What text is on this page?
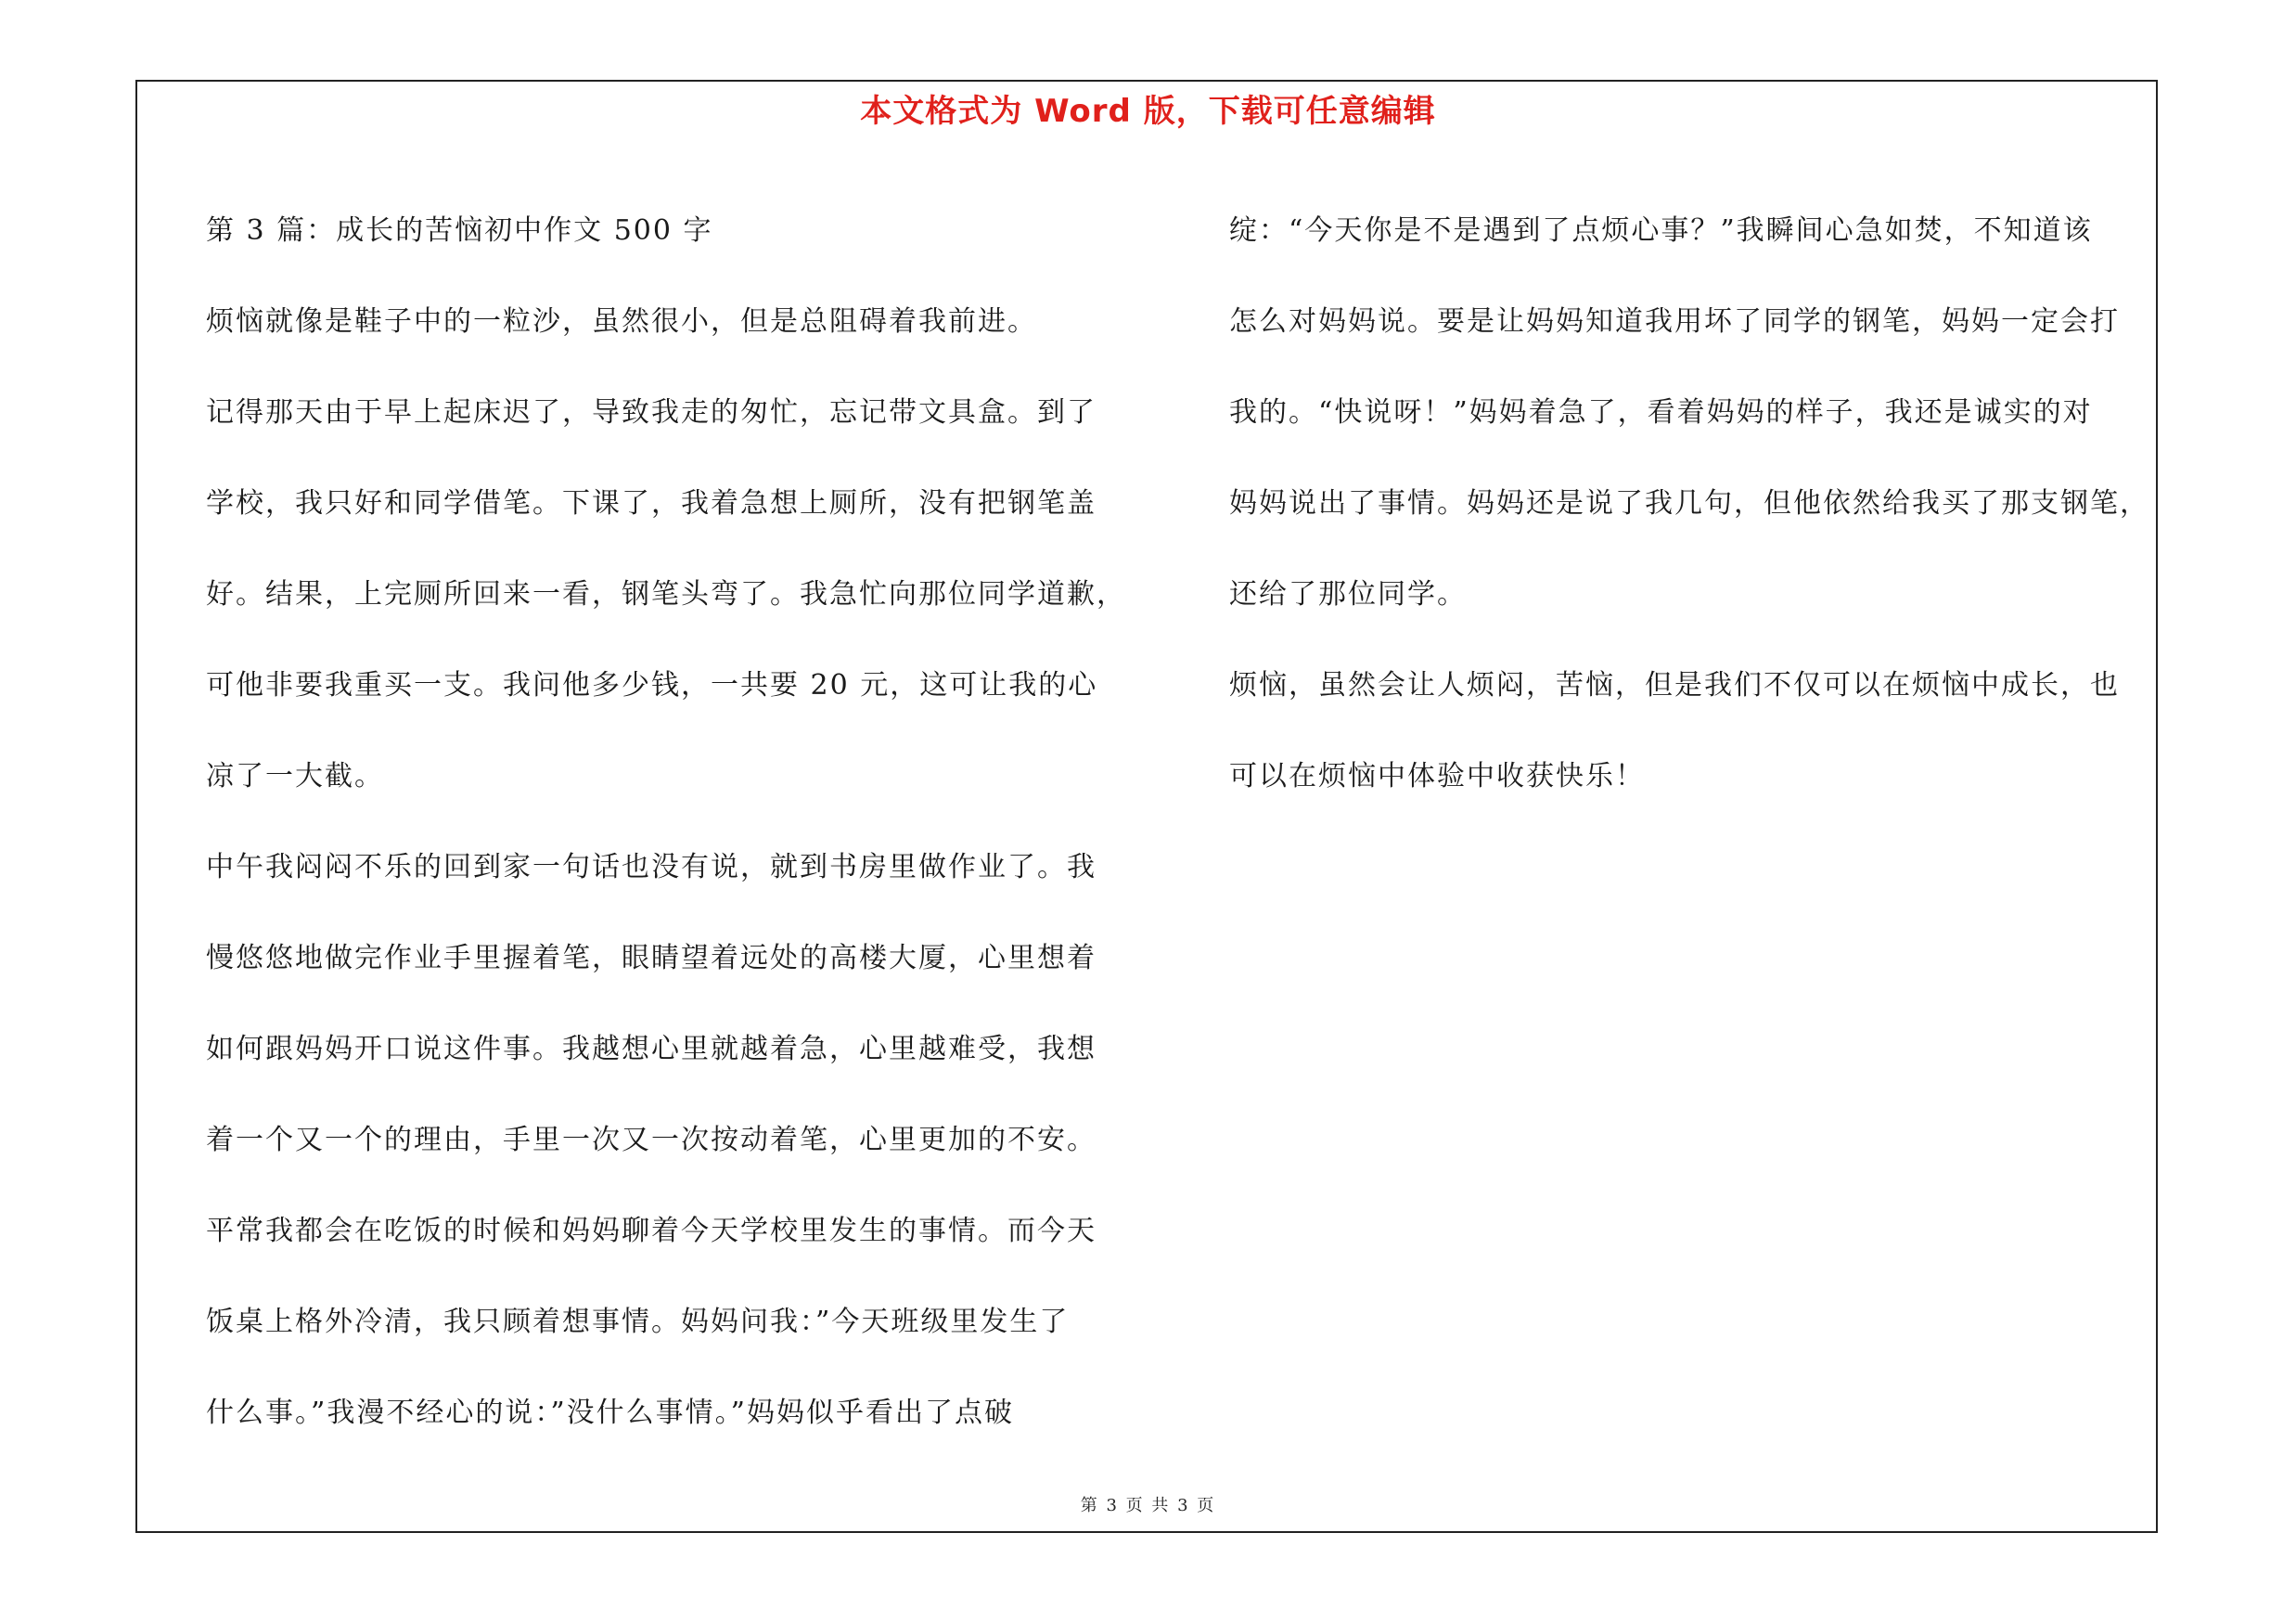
本文格式为 Word 版，下载可任意编辑
第 3 篇：成长的苦恼初中作文 500 字
烦恼就像是鞋子中的一粒沙，虽然很小，但是总阻碍着我前进。
记得那天由于早上起床迟了，导致我走的匆忙，忘记带文具盒。到了
学校，我只好和同学借笔。下课了，我着急想上厕所，没有把钢笔盖
好。结果，上完厕所回来一看，钢笔头弯了。我急忙向那位同学道歉，
可他非要我重买一支。我问他多少钱，一共要 20 元，这可让我的心
凉了一大截。
中午我闷闷不乐的回到家一句话也没有说，就到书房里做作业了。我
慢悠悠地做完作业手里握着笔，眼睛望着远处的高楼大厦，心里想着
如何跟妈妈开口说这件事。我越想心里就越着急，心里越难受，我想
着一个又一个的理由，手里一次又一次按动着笔，心里更加的不安。
平常我都会在吃饭的时候和妈妈聊着今天学校里发生的事情。而今天
饭桌上格外冷清，我只顾着想事情。妈妈问我：”今天班级里发生了
什么事。”我漫不经心的说：”没什么事情。”妈妈似乎看出了点破
绽：“今天你是不是遇到了点烦心事？”我瞬间心急如焚，不知道该
怎么对妈妈说。要是让妈妈知道我用坏了同学的钢笔，妈妈一定会打
我的。“快说呀！”妈妈着急了，看着妈妈的样子，我还是诚实的对
妈妈说出了事情。妈妈还是说了我几句，但他依然给我买了那支钢笔，
还给了那位同学。
烦恼，虽然会让人烦闷，苦恼，但是我们不仅可以在烦恼中成长，也
可以在烦恼中体验中收获快乐！
第 3 页 共 3 页
